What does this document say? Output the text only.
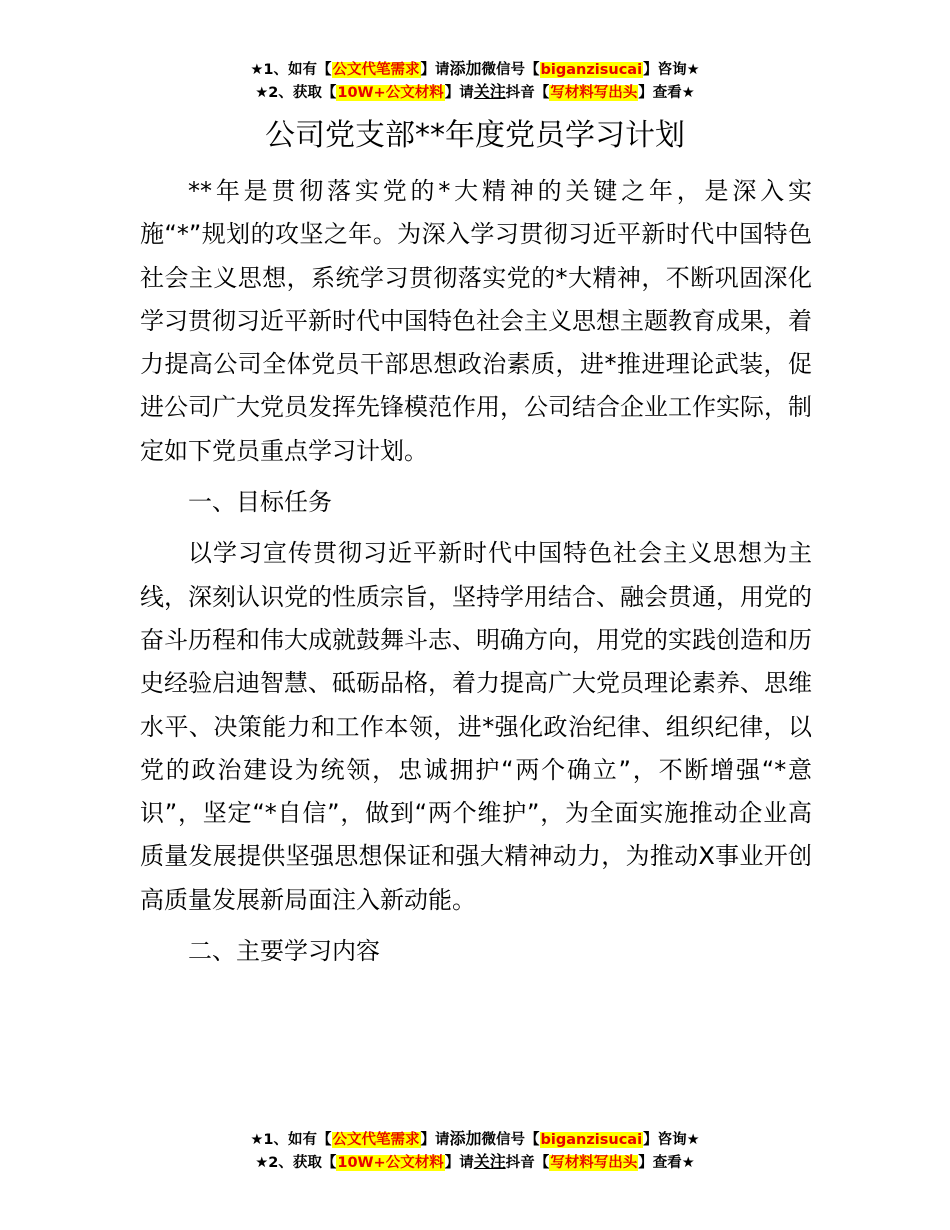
★1、如有【公文代笔需求】请添加微信号【biganzisucai】咨询★
★2、获取【10W+公文材料】请关注抖音【写材料写出头】查看★
公司党支部**年度党员学习计划

**年是贯彻落实党的*大精神的关键之年，是深入实施“*”规划的攻坚之年。为深入学习贯彻习近平新时代中国特色社会主义思想，系统学习贯彻落实党的*大精神，不断巩固深化学习贯彻习近平新时代中国特色社会主义思想主题教育成果，着力提高公司全体党员干部思想政治素质，进*推进理论武装，促进公司广大党员发挥先锋模范作用，公司结合企业工作实际，制定如下党员重点学习计划。

一、目标任务

以学习宣传贯彻习近平新时代中国特色社会主义思想为主线，深刻认识党的性质宗旨，坚持学用结合、融会贯通，用党的奋斗历程和伟大成就鼓舞斗志、明确方向，用党的实践创造和历史经验启迪智慧、砥砺品格，着力提高广大党员理论素养、思维水平、决策能力和工作本领，进*强化政治纪律、组织纪律，以党的政治建设为统领，忠诚拥护“两个确立”，不断增强“*意识”，坚定“*自信”，做到“两个维护”，为全面实施推动企业高质量发展提供坚强思想保证和强大精神动力，为推动X事业开创高质量发展新局面注入新动能。

二、主要学习内容

★1、如有【公文代笔需求】请添加微信号【biganzisucai】咨询★
★2、获取【10W+公文材料】请关注抖音【写材料写出头】查看★
